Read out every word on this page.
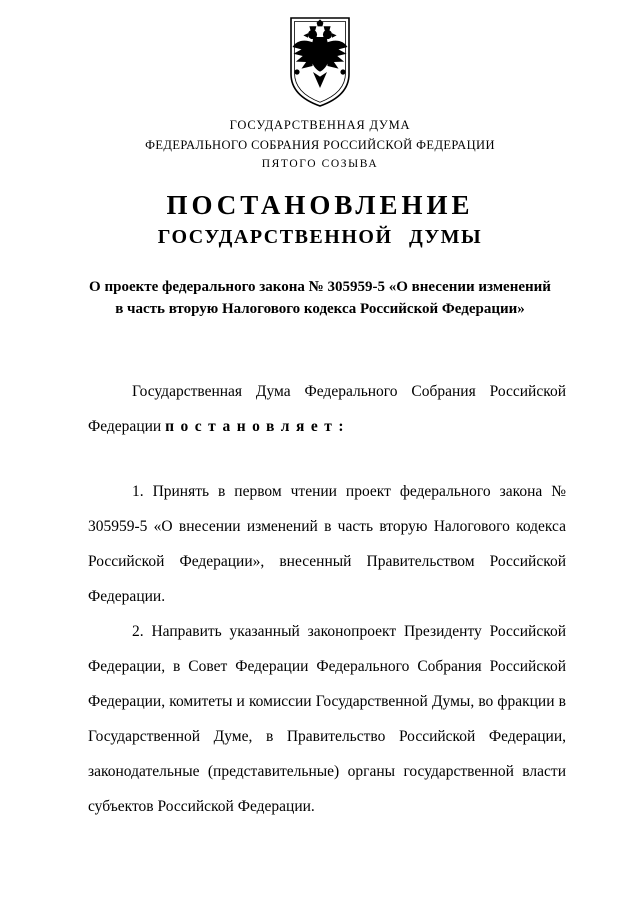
ГОСУДАРСТВЕННАЯ ДУМА
ФЕДЕРАЛЬНОГО СОБРАНИЯ РОССИЙСКОЙ ФЕДЕРАЦИИ
ПЯТОГО СОЗЫВА
ПОСТАНОВЛЕНИЕ
ГОСУДАРСТВЕННОЙ ДУМЫ
О проекте федерального закона № 305959-5 «О внесении изменений
в часть вторую Налогового кодекса Российской Федерации»

Государственная Дума Федерального Собрания Российской Федерации постановляет:

1. Принять в первом чтении проект федерального закона № 305959-5 «О внесении изменений в часть вторую Налогового кодекса Российской Федерации», внесенный Правительством Российской Федерации.

2. Направить указанный законопроект Президенту Российской Федерации, в Совет Федерации Федерального Собрания Российской Федерации, комитеты и комиссии Государственной Думы, во фракции в Государственной Думе, в Правительство Российской Федерации, законодательные (представительные) органы государственной власти субъектов Российской Федерации.
